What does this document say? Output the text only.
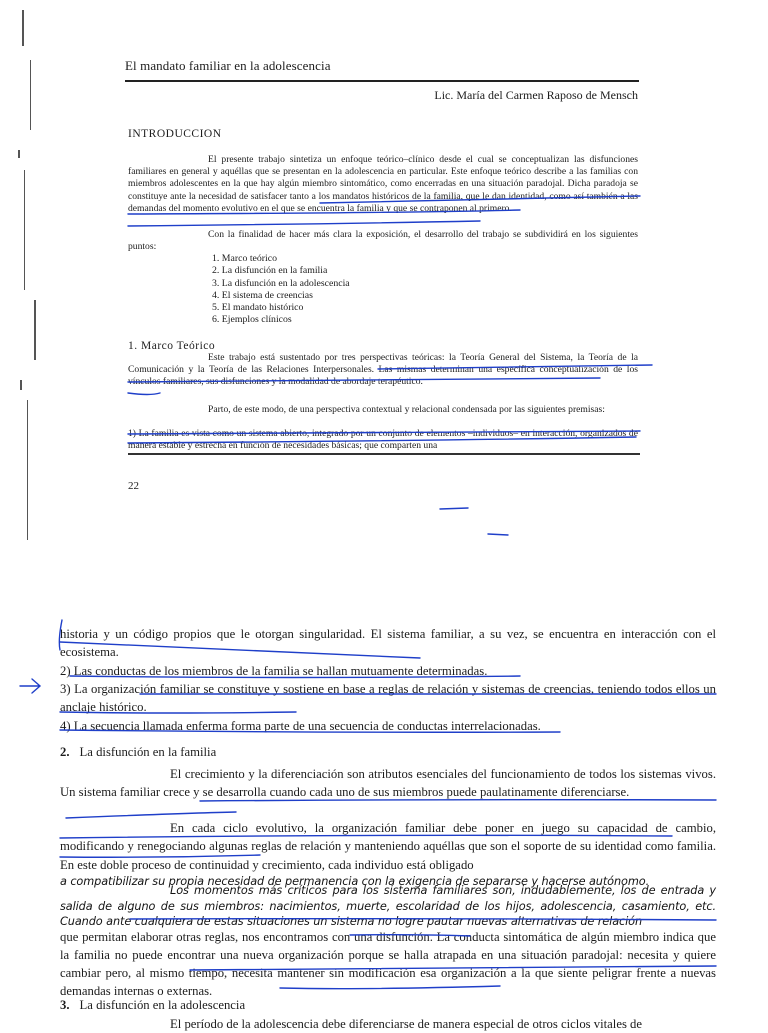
El mandato familiar en la adolescencia
Lic. María del Carmen Raposo de Mensch
INTRODUCCION
El presente trabajo sintetiza un enfoque teórico–clínico desde el cual se conceptualizan las disfunciones familiares en general y aquéllas que se presentan en la adolescencia en particular. Este enfoque teórico describe a las familias con miembros adolescentes en la que hay algún miembro sintomático, como encerradas en una situación paradojal. Dicha paradoja se constituye ante la necesidad de satisfacer tanto a los mandatos históricos de la familia, que le dan identidad, como así también a las demandas del momento evolutivo en el que se encuentra la familia y que se contraponen al primero.
Con la finalidad de hacer más clara la exposición, el desarrollo del trabajo se subdividirá en los siguientes puntos:
1. Marco teórico
2. La disfunción en la familia
3. La disfunción en la adolescencia
4. El sistema de creencias
5. El mandato histórico
6. Ejemplos clínicos
1. Marco Teórico
Este trabajo está sustentado por tres perspectivas teóricas: la Teoría General del Sistema, la Teoría de la Comunicación y la Teoría de las Relaciones Interpersonales. Las mismas determinan una específica conceptualización de los vínculos familiares, sus disfunciones y la modalidad de abordaje terapéutico.
Parto, de este modo, de una perspectiva contextual y relacional condensada por las siguientes premisas:
1) La familia es vista como un sistema abierto, integrado por un conjunto de elementos –individuos– en interacción, organizados de manera estable y estrecha en función de necesidades básicas; que comparten una
22
historia y un código propios que le otorgan singularidad. El sistema familiar, a su vez, se encuentra en interacción con el ecosistema.
2) Las conductas de los miembros de la familia se hallan mutuamente determinadas.
3) La organización familiar se constituye y sostiene en base a reglas de relación y sistemas de creencias, teniendo todos ellos un anclaje histórico.
4) La secuencia llamada enferma forma parte de una secuencia de conductas interrelacionadas.
2. La disfunción en la familia
El crecimiento y la diferenciación son atributos esenciales del funcionamiento de todos los sistemas vivos. Un sistema familiar crece y se desarrolla cuando cada uno de sus miembros puede paulatinamente diferenciarse.
En cada ciclo evolutivo, la organización familiar debe poner en juego su capacidad de cambio, modificando y renegociando algunas reglas de relación y manteniendo aquéllas que son el soporte de su identidad como familia. En este doble proceso de continuidad y crecimiento, cada individuo está obligado
a compatibilizar su propia necesidad de permanencia con la exigencia de separarse y hacerse autónomo.
Los momentos más críticos para los sistema familiares son, indudablemente, los de entrada y salida de alguno de sus miembros: nacimientos, muerte, escolaridad de los hijos, adolescencia, casamiento, etc. Cuando ante cualquiera de estas situaciones un sistema no logre pautar nuevas alternativas de relación
que permitan elaborar otras reglas, nos encontramos con una disfunción. La conducta sintomática de algún miembro indica que la familia no puede encontrar una nueva organización porque se halla atrapada en una situación paradojal: necesita y quiere cambiar pero, al mismo tiempo, necesita mantener sin modificación esa organización a la que siente peligrar frente a nuevas demandas internas o externas.
3. La disfunción en la adolescencia
El período de la adolescencia debe diferenciarse de manera especial de otros ciclos vitales de
